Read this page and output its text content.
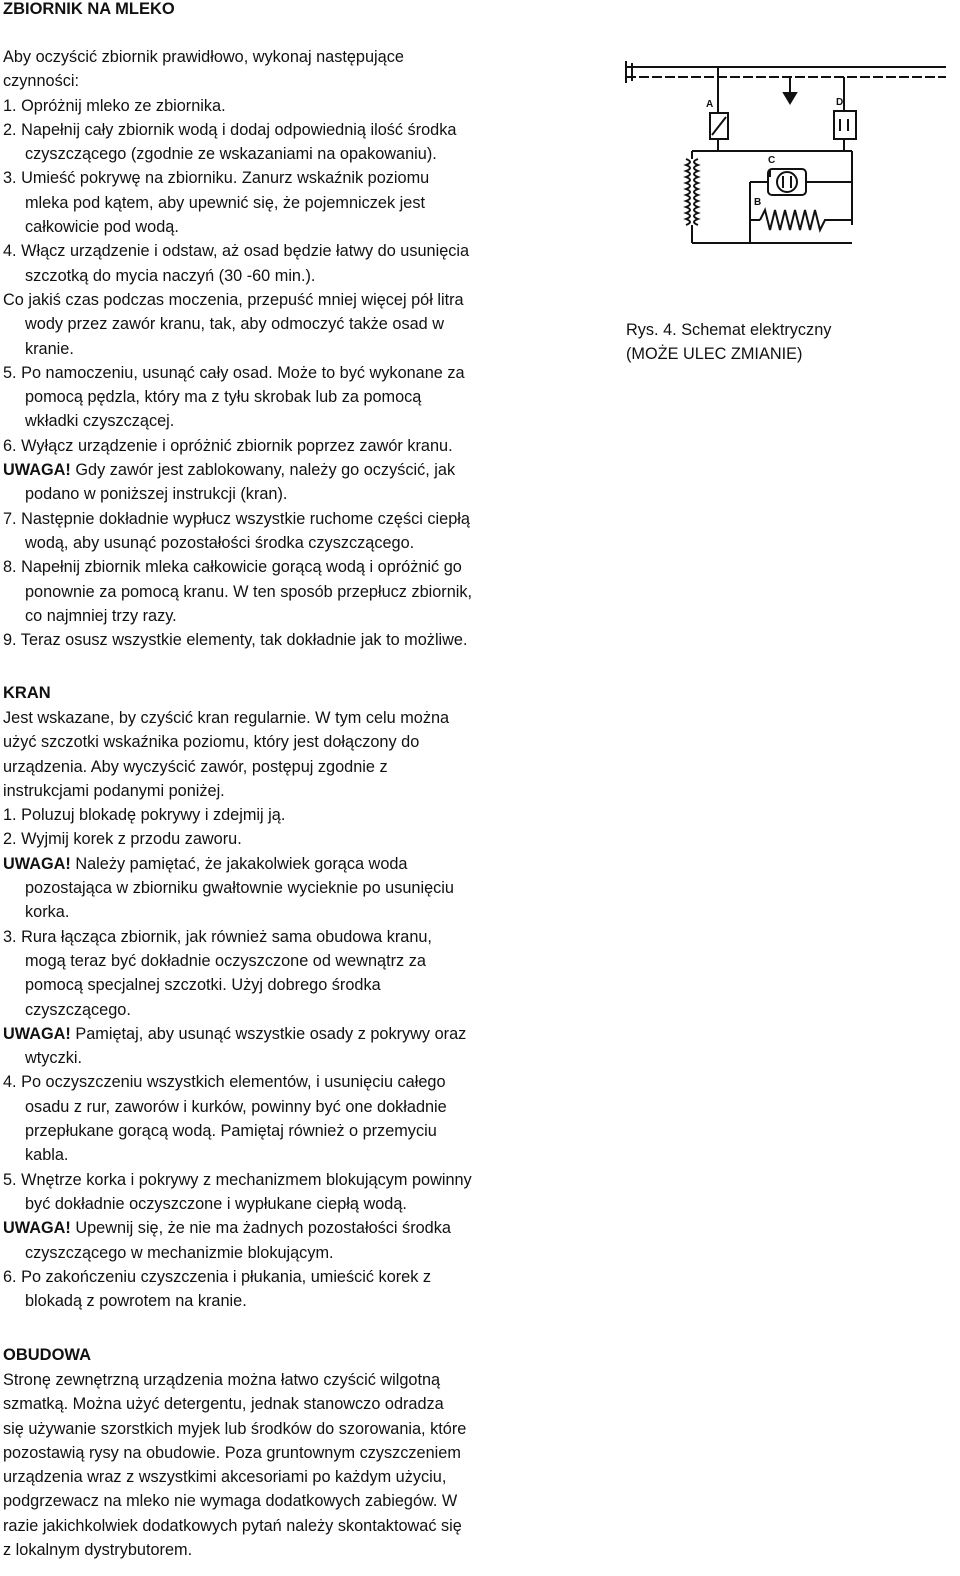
ZBIORNIK NA MLEKO
Aby oczyścić zbiornik prawidłowo, wykonaj następujące
czynności:
1. Opróżnij mleko ze zbiornika.
2. Napełnij cały zbiornik wodą i dodaj odpowiednią ilość środka
czyszczącego (zgodnie ze wskazaniami na opakowaniu).
3. Umieść pokrywę na zbiorniku. Zanurz wskaźnik poziomu
mleka pod kątem, aby upewnić się, że pojemniczek jest
całkowicie pod wodą.
4. Włącz urządzenie i odstaw, aż osad będzie łatwy do usunięcia
szczotką do mycia naczyń (30 -60 min.).
Co jakiś czas podczas moczenia, przepuść mniej więcej pół litra
wody przez zawór kranu, tak, aby odmoczyć także osad w
kranie.
5. Po namoczeniu, usunąć cały osad. Może to być wykonane za
pomocą pędzla, który ma z tyłu skrobak lub za pomocą
wkładki czyszczącej.
6. Wyłącz urządzenie i opróżnić zbiornik poprzez zawór kranu.
UWAGA! Gdy zawór jest zablokowany, należy go oczyścić, jak
podano w poniższej instrukcji (kran).
7. Następnie dokładnie wypłucz wszystkie ruchome części ciepłą
wodą, aby usunąć pozostałości środka czyszczącego.
8. Napełnij zbiornik mleka całkowicie gorącą wodą i opróżnić go
ponownie za pomocą kranu. W ten sposób przepłucz zbiornik,
co najmniej trzy razy.
9. Teraz osusz wszystkie elementy, tak dokładnie jak to możliwe.
A	D
C
B
Rys. 4. Schemat elektryczny
(MOŻE ULEC ZMIANIE)
KRAN
Jest wskazane, by czyścić kran regularnie. W tym celu można
użyć szczotki wskaźnika poziomu, który jest dołączony do
urządzenia. Aby wyczyścić zawór, postępuj zgodnie z
instrukcjami podanymi poniżej.
1. Poluzuj blokadę pokrywy i zdejmij ją.
2. Wyjmij korek z przodu zaworu.
UWAGA! Należy pamiętać, że jakakolwiek gorąca woda
pozostająca w zbiorniku gwałtownie wycieknie po usunięciu
korka.
3. Rura łącząca zbiornik, jak również sama obudowa kranu,
mogą teraz być dokładnie oczyszczone od wewnątrz za
pomocą specjalnej szczotki. Użyj dobrego środka
czyszczącego.
UWAGA! Pamiętaj, aby usunąć wszystkie osady z pokrywy oraz
wtyczki.
4. Po oczyszczeniu wszystkich elementów, i usunięciu całego
osadu z rur, zaworów i kurków, powinny być one dokładnie
przepłukane gorącą wodą. Pamiętaj również o przemyciu
kabla.
5. Wnętrze korka i pokrywy z mechanizmem blokującym powinny
być dokładnie oczyszczone i wypłukane ciepłą wodą.
UWAGA! Upewnij się, że nie ma żadnych pozostałości środka
czyszczącego w mechanizmie blokującym.
6. Po zakończeniu czyszczenia i płukania, umieścić korek z
blokadą z powrotem na kranie.
OBUDOWA
Stronę zewnętrzną urządzenia można łatwo czyścić wilgotną
szmatką. Można użyć detergentu, jednak stanowczo odradza
się używanie szorstkich myjek lub środków do szorowania, które
pozostawią rysy na obudowie. Poza gruntownym czyszczeniem
urządzenia wraz z wszystkimi akcesoriami po każdym użyciu,
podgrzewacz na mleko nie wymaga dodatkowych zabiegów. W
razie jakichkolwiek dodatkowych pytań należy skontaktować się
z lokalnym dystrybutorem.
